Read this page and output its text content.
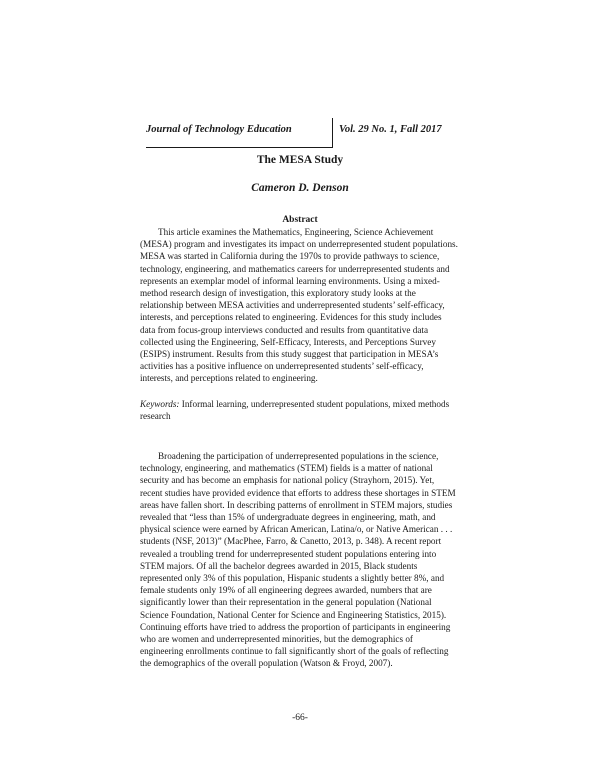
Journal of Technology Education	Vol. 29 No. 1, Fall 2017
The MESA Study
Cameron D. Denson
Abstract

This article examines the Mathematics, Engineering, Science Achievement (MESA) program and investigates its impact on underrepresented student populations. MESA was started in California during the 1970s to provide pathways to science, technology, engineering, and mathematics careers for underrepresented students and represents an exemplar model of informal learning environments. Using a mixed-method research design of investigation, this exploratory study looks at the relationship between MESA activities and underrepresented students’ self-efficacy, interests, and perceptions related to engineering. Evidences for this study includes data from focus-group interviews conducted and results from quantitative data collected using the Engineering, Self-Efficacy, Interests, and Perceptions Survey (ESIPS) instrument. Results from this study suggest that participation in MESA’s activities has a positive influence on underrepresented students’ self-efficacy, interests, and perceptions related to engineering.

Keywords: Informal learning, underrepresented student populations, mixed methods research

Broadening the participation of underrepresented populations in the science, technology, engineering, and mathematics (STEM) fields is a matter of national security and has become an emphasis for national policy (Strayhorn, 2015). Yet, recent studies have provided evidence that efforts to address these shortages in STEM areas have fallen short. In describing patterns of enrollment in STEM majors, studies revealed that “less than 15% of undergraduate degrees in engineering, math, and physical science were earned by African American, Latina/o, or Native American . . . students (NSF, 2013)” (MacPhee, Farro, & Canetto, 2013, p. 348). A recent report revealed a troubling trend for underrepresented student populations entering into STEM majors. Of all the bachelor degrees awarded in 2015, Black students represented only 3% of this population, Hispanic students a slightly better 8%, and female students only 19% of all engineering degrees awarded, numbers that are significantly lower than their representation in the general population (National Science Foundation, National Center for Science and Engineering Statistics, 2015). Continuing efforts have tried to address the proportion of participants in engineering who are women and underrepresented minorities, but the demographics of engineering enrollments continue to fall significantly short of the goals of reflecting the demographics of the overall population (Watson & Froyd, 2007).

-66-
